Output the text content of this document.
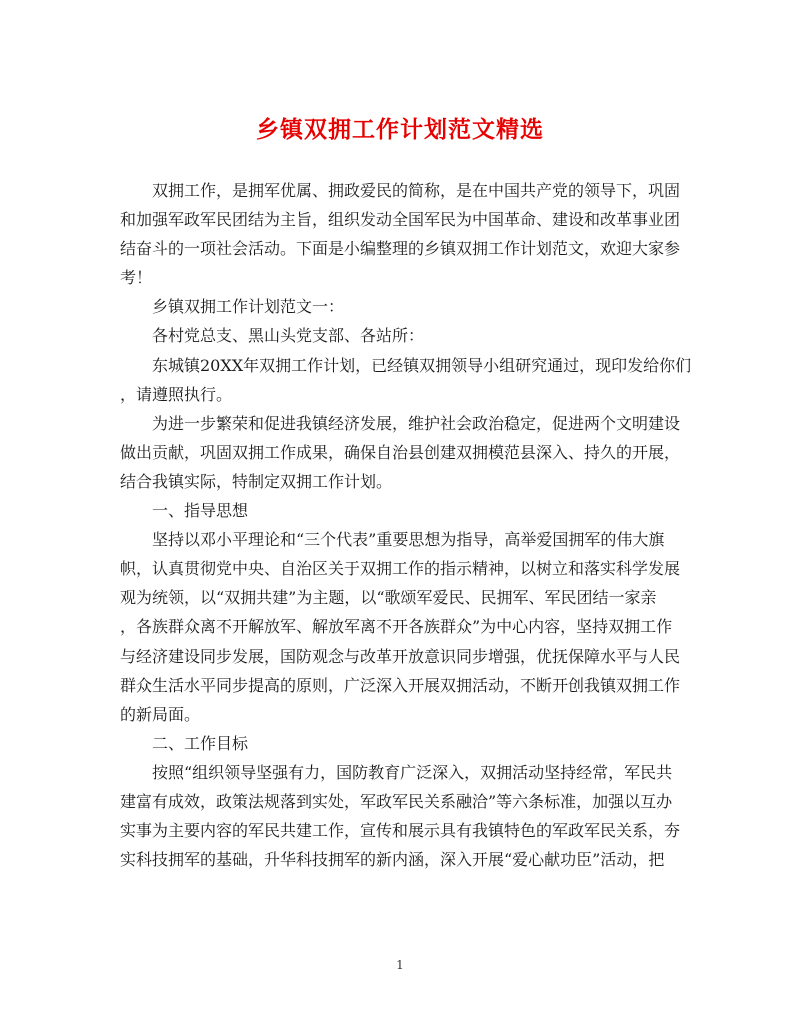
乡镇双拥工作计划范文精选
双拥工作，是拥军优属、拥政爱民的简称，是在中国共产党的领导下，巩固
和加强军政军民团结为主旨，组织发动全国军民为中国革命、建设和改革事业团
结奋斗的一项社会活动。下面是小编整理的乡镇双拥工作计划范文，欢迎大家参
考！
乡镇双拥工作计划范文一：
各村党总支、黑山头党支部、各站所：
东城镇20XX年双拥工作计划，已经镇双拥领导小组研究通过，现印发给你们
，请遵照执行。
为进一步繁荣和促进我镇经济发展，维护社会政治稳定，促进两个文明建设
做出贡献，巩固双拥工作成果，确保自治县创建双拥模范县深入、持久的开展，
结合我镇实际，特制定双拥工作计划。
一、指导思想
坚持以邓小平理论和“三个代表”重要思想为指导，高举爱国拥军的伟大旗
帜，认真贯彻党中央、自治区关于双拥工作的指示精神，以树立和落实科学发展
观为统领，以“双拥共建”为主题，以“歌颂军爱民、民拥军、军民团结一家亲
，各族群众离不开解放军、解放军离不开各族群众”为中心内容，坚持双拥工作
与经济建设同步发展，国防观念与改革开放意识同步增强，优抚保障水平与人民
群众生活水平同步提高的原则，广泛深入开展双拥活动，不断开创我镇双拥工作
的新局面。
二、工作目标
按照“组织领导坚强有力，国防教育广泛深入，双拥活动坚持经常，军民共
建富有成效，政策法规落到实处，军政军民关系融洽”等六条标准，加强以互办
实事为主要内容的军民共建工作，宣传和展示具有我镇特色的军政军民关系，夯
实科技拥军的基础，升华科技拥军的新内涵，深入开展“爱心献功臣”活动，把
1
